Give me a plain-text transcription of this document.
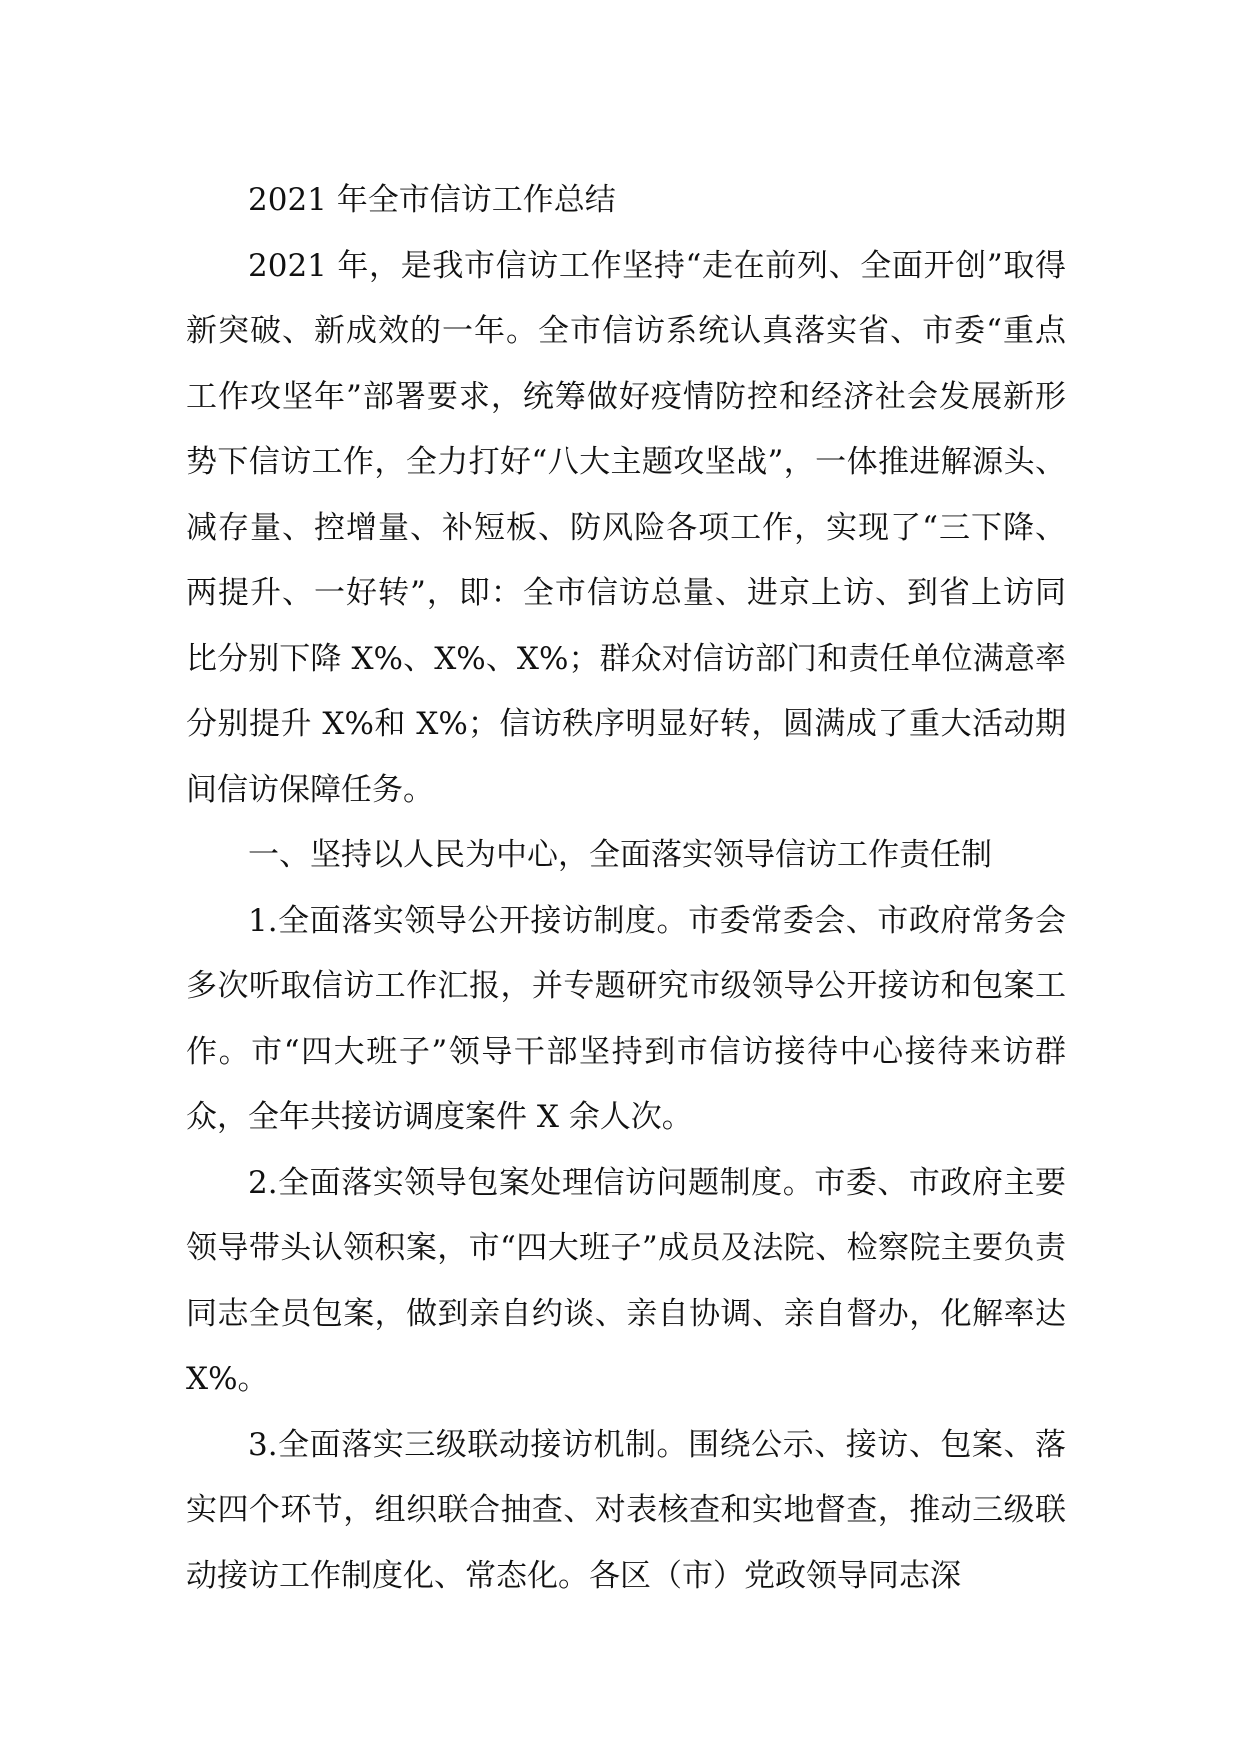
2021 年全市信访工作总结

2021 年，是我市信访工作坚持“走在前列、全面开创”取得新突破、新成效的一年。全市信访系统认真落实省、市委“重点工作攻坚年”部署要求，统筹做好疫情防控和经济社会发展新形势下信访工作，全力打好“八大主题攻坚战”，一体推进解源头、减存量、控增量、补短板、防风险各项工作，实现了“三下降、两提升、一好转”，即：全市信访总量、进京上访、到省上访同比分别下降 X%、X%、X%；群众对信访部门和责任单位满意率分别提升 X%和 X%；信访秩序明显好转，圆满成了重大活动期间信访保障任务。

一、坚持以人民为中心，全面落实领导信访工作责任制

1.全面落实领导公开接访制度。市委常委会、市政府常务会多次听取信访工作汇报，并专题研究市级领导公开接访和包案工作。市“四大班子”领导干部坚持到市信访接待中心接待来访群众，全年共接访调度案件 X 余人次。

2.全面落实领导包案处理信访问题制度。市委、市政府主要领导带头认领积案，市“四大班子”成员及法院、检察院主要负责同志全员包案，做到亲自约谈、亲自协调、亲自督办，化解率达 X%。

3.全面落实三级联动接访机制。围绕公示、接访、包案、落实四个环节，组织联合抽查、对表核查和实地督查，推动三级联动接访工作制度化、常态化。各区（市）党政领导同志深
